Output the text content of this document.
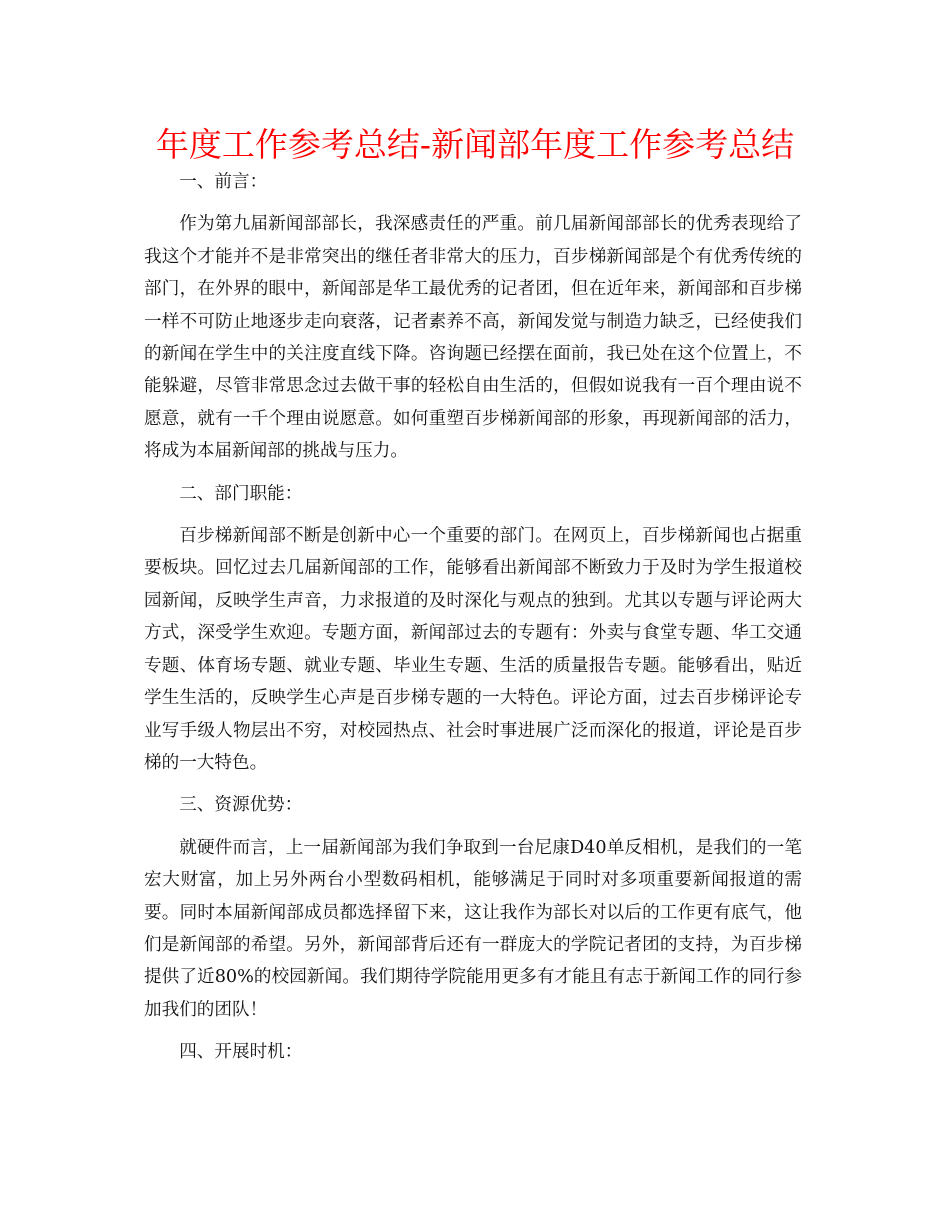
年度工作参考总结-新闻部年度工作参考总结

一、前言：

作为第九届新闻部部长，我深感责任的严重。前几届新闻部部长的优秀表现给了我这个才能并不是非常突出的继任者非常大的压力，百步梯新闻部是个有优秀传统的部门，在外界的眼中，新闻部是华工最优秀的记者团，但在近年来，新闻部和百步梯一样不可防止地逐步走向衰落，记者素养不高，新闻发觉与制造力缺乏，已经使我们的新闻在学生中的关注度直线下降。咨询题已经摆在面前，我已处在这个位置上，不能躲避，尽管非常思念过去做干事的轻松自由生活的，但假如说我有一百个理由说不愿意，就有一千个理由说愿意。如何重塑百步梯新闻部的形象，再现新闻部的活力，将成为本届新闻部的挑战与压力。

二、部门职能：

百步梯新闻部不断是创新中心一个重要的部门。在网页上，百步梯新闻也占据重要板块。回忆过去几届新闻部的工作，能够看出新闻部不断致力于及时为学生报道校园新闻，反映学生声音，力求报道的及时深化与观点的独到。尤其以专题与评论两大方式，深受学生欢迎。专题方面，新闻部过去的专题有：外卖与食堂专题、华工交通专题、体育场专题、就业专题、毕业生专题、生活的质量报告专题。能够看出，贴近学生生活的，反映学生心声是百步梯专题的一大特色。评论方面，过去百步梯评论专业写手级人物层出不穷，对校园热点、社会时事进展广泛而深化的报道，评论是百步梯的一大特色。

三、资源优势：

就硬件而言，上一届新闻部为我们争取到一台尼康D40单反相机，是我们的一笔宏大财富，加上另外两台小型数码相机，能够满足于同时对多项重要新闻报道的需要。同时本届新闻部成员都选择留下来，这让我作为部长对以后的工作更有底气，他们是新闻部的希望。另外，新闻部背后还有一群庞大的学院记者团的支持，为百步梯提供了近80%的校园新闻。我们期待学院能用更多有才能且有志于新闻工作的同行参加我们的团队！

四、开展时机：
